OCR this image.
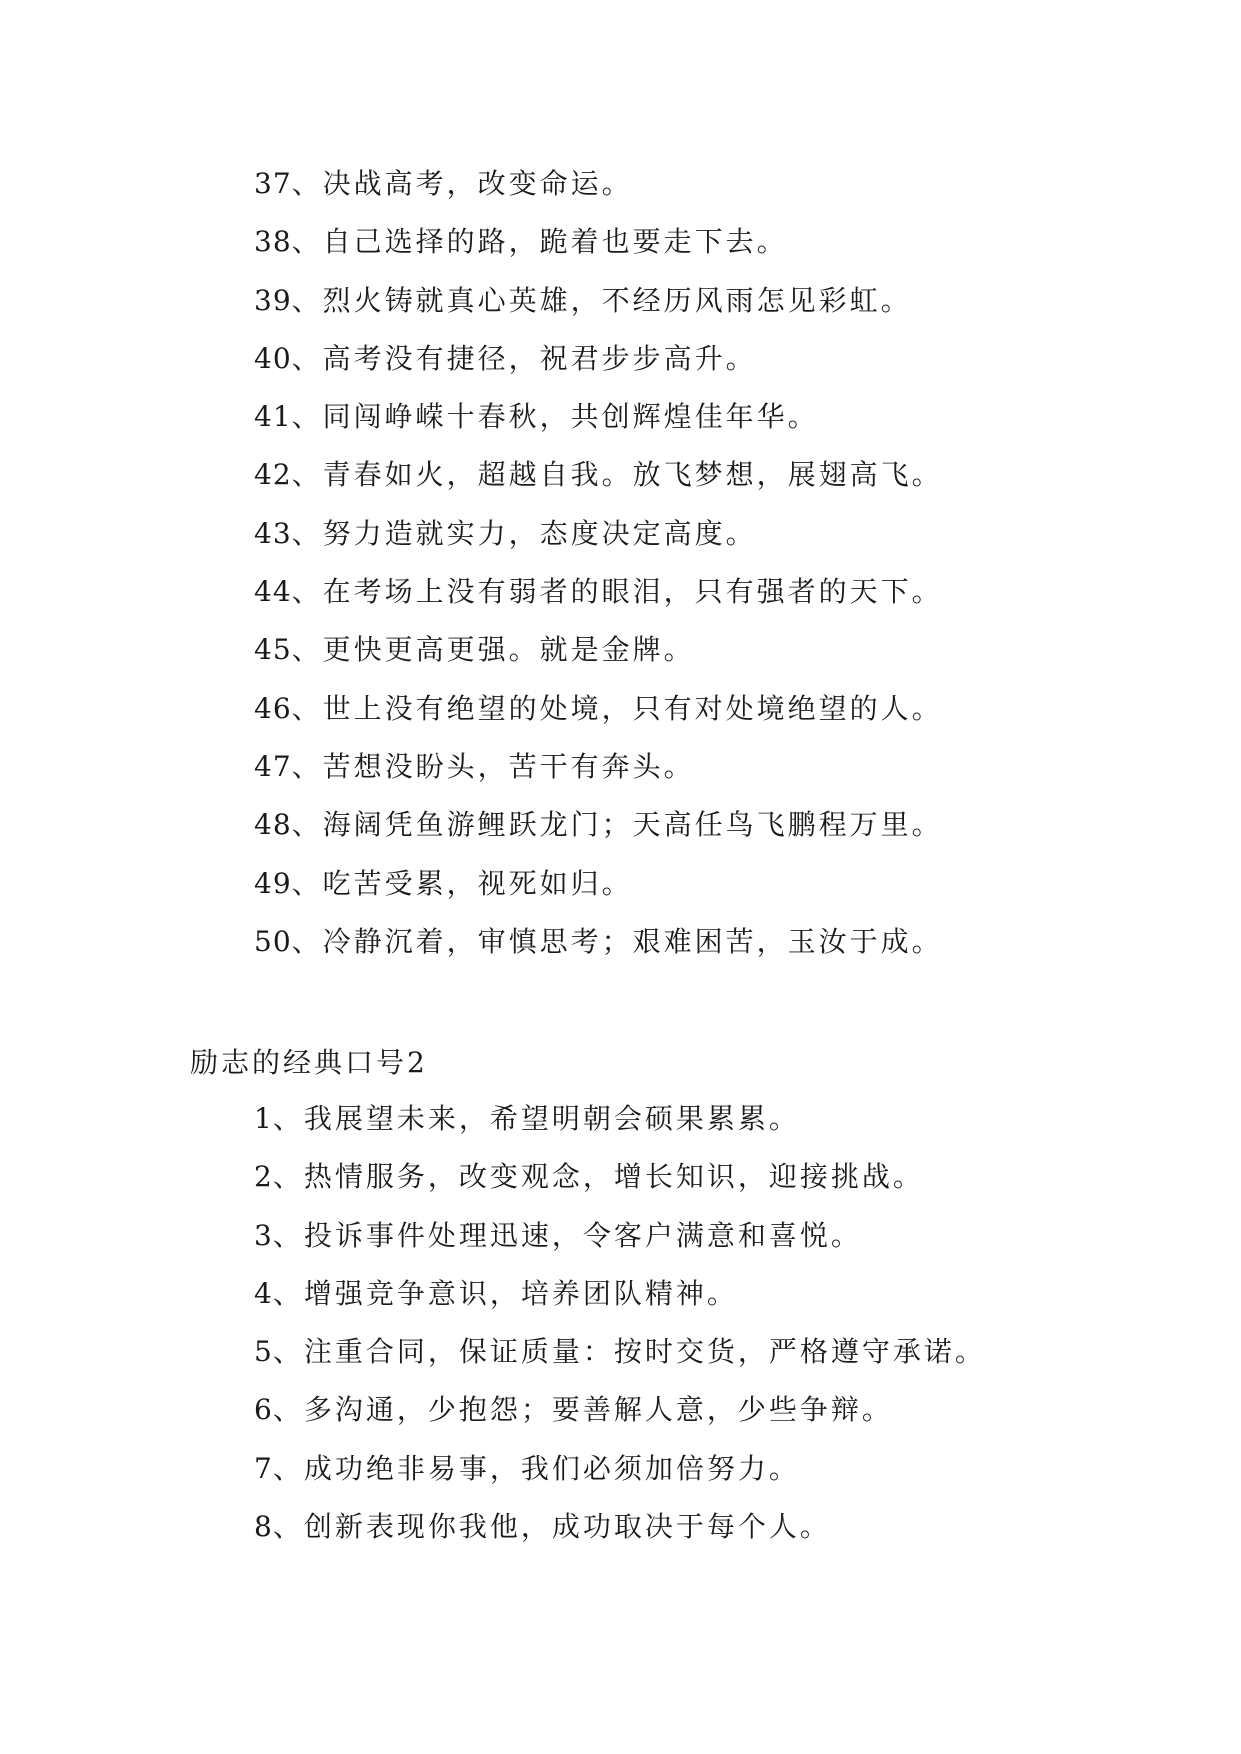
37、决战高考，改变命运。
38、自己选择的路，跪着也要走下去。
39、烈火铸就真心英雄，不经历风雨怎见彩虹。
40、高考没有捷径，祝君步步高升。
41、同闯峥嵘十春秋，共创辉煌佳年华。
42、青春如火，超越自我。放飞梦想，展翅高飞。
43、努力造就实力，态度决定高度。
44、在考场上没有弱者的眼泪，只有强者的天下。
45、更快更高更强。就是金牌。
46、世上没有绝望的处境，只有对处境绝望的人。
47、苦想没盼头，苦干有奔头。
48、海阔凭鱼游鲤跃龙门；天高任鸟飞鹏程万里。
49、吃苦受累，视死如归。
50、冷静沉着，审慎思考；艰难困苦，玉汝于成。
励志的经典口号2
1、我展望未来，希望明朝会硕果累累。
2、热情服务，改变观念，增长知识，迎接挑战。
3、投诉事件处理迅速，令客户满意和喜悦。
4、增强竞争意识，培养团队精神。
5、注重合同，保证质量：按时交货，严格遵守承诺。
6、多沟通，少抱怨；要善解人意，少些争辩。
7、成功绝非易事，我们必须加倍努力。
8、创新表现你我他，成功取决于每个人。
